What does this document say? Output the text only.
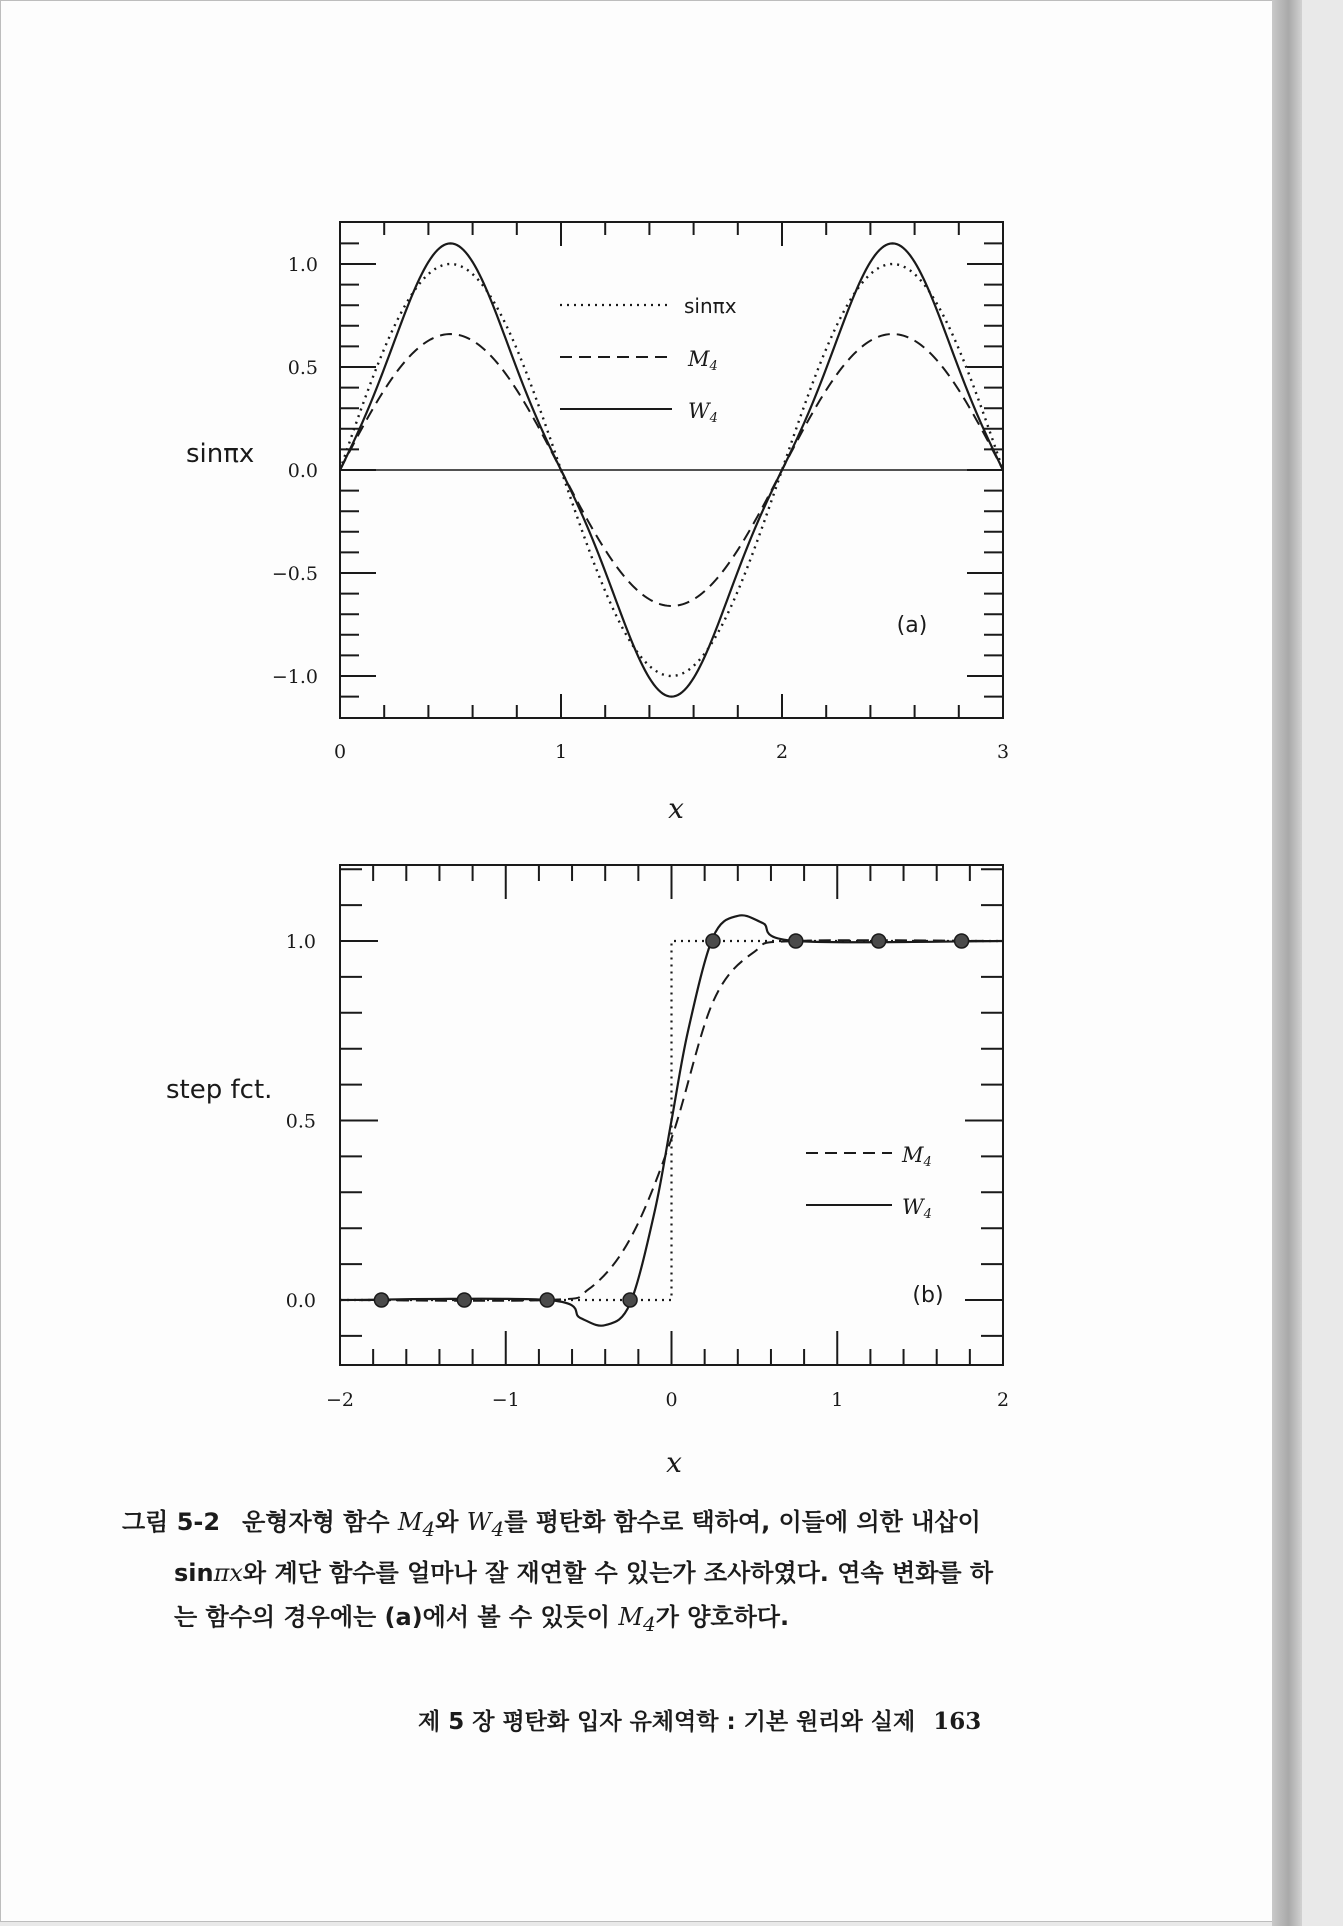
1.0
0.5
0.0
−0.5
−1.0
0	1	2	3
sinπx
x
(a)
sinπx
M4
W4
1.0
0.5
0.0
−2	−1	0	1	2
step fct.
x
(b)
M4
W4
그림 5-2 운형자형 함수 $M_4$와 $W_4$를 평탄화 함수로 택하여, 이들에 의한 내삽이
sinπx와 계단 함수를 얼마나 잘 재연할 수 있는가 조사하였다. 연속 변화를 하
는 함수의 경우에는 (a)에서 볼 수 있듯이 $M_4$가 양호하다.
제 5 장 평탄화 입자 유체역학 : 기본 원리와 실제 163
